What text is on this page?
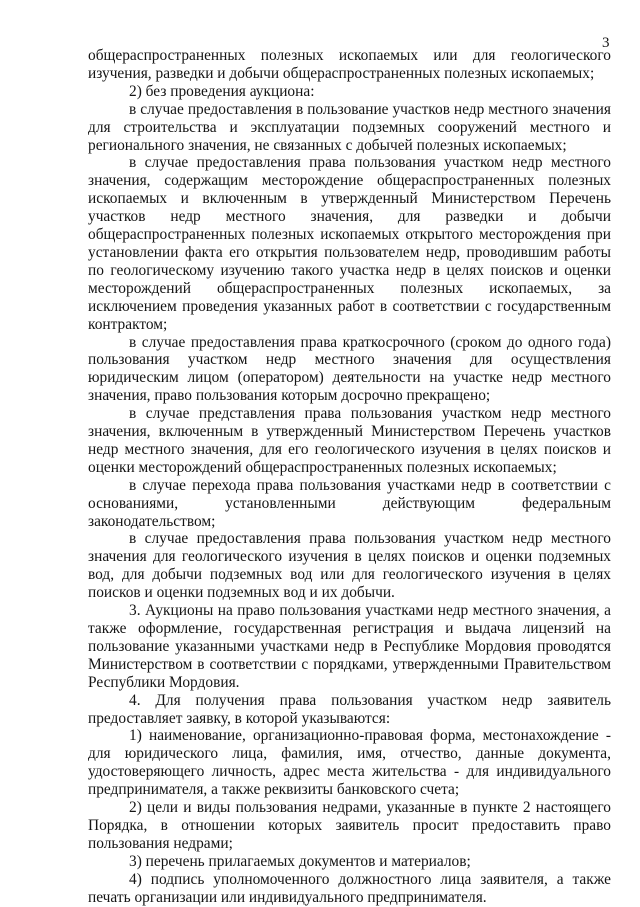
3

общераспространенных полезных ископаемых или для геологического изучения, разведки и добычи общераспространенных полезных ископаемых;

2) без проведения аукциона:

в случае предоставления в пользование участков недр местного значения для строительства и эксплуатации подземных сооружений местного и регионального значения, не связанных с добычей полезных ископаемых;

в случае предоставления права пользования участком недр местного значения, содержащим месторождение общераспространенных полезных ископаемых и включенным в утвержденный Министерством Перечень участков недр местного значения, для разведки и добычи общераспространенных полезных ископаемых открытого месторождения при установлении факта его открытия пользователем недр, проводившим работы по геологическому изучению такого участка недр в целях поисков и оценки месторождений общераспространенных полезных ископаемых, за исключением проведения указанных работ в соответствии с государственным контрактом;

в случае предоставления права краткосрочного (сроком до одного года) пользования участком недр местного значения для осуществления юридическим лицом (оператором) деятельности на участке недр местного значения, право пользования которым досрочно прекращено;

в случае представления права пользования участком недр местного значения, включенным в утвержденный Министерством Перечень участков недр местного значения, для его геологического изучения в целях поисков и оценки месторождений общераспространенных полезных ископаемых;

в случае перехода права пользования участками недр в соответствии с основаниями, установленными действующим федеральным законодательством;

в случае предоставления права пользования участком недр местного значения для геологического изучения в целях поисков и оценки подземных вод, для добычи подземных вод или для геологического изучения в целях поисков и оценки подземных вод и их добычи.

3. Аукционы на право пользования участками недр местного значения, а также оформление, государственная регистрация и выдача лицензий на пользование указанными участками недр в Республике Мордовия проводятся Министерством в соответствии с порядками, утвержденными Правительством Республики Мордовия.

4. Для получения права пользования участком недр заявитель предоставляет заявку, в которой указываются:

1) наименование, организационно-правовая форма, местонахождение - для юридического лица, фамилия, имя, отчество, данные документа, удостоверяющего личность, адрес места жительства - для индивидуального предпринимателя, а также реквизиты банковского счета;

2) цели и виды пользования недрами, указанные в пункте 2 настоящего Порядка, в отношении которых заявитель просит предоставить право пользования недрами;

3) перечень прилагаемых документов и материалов;

4) подпись уполномоченного должностного лица заявителя, а также печать организации или индивидуального предпринимателя.
